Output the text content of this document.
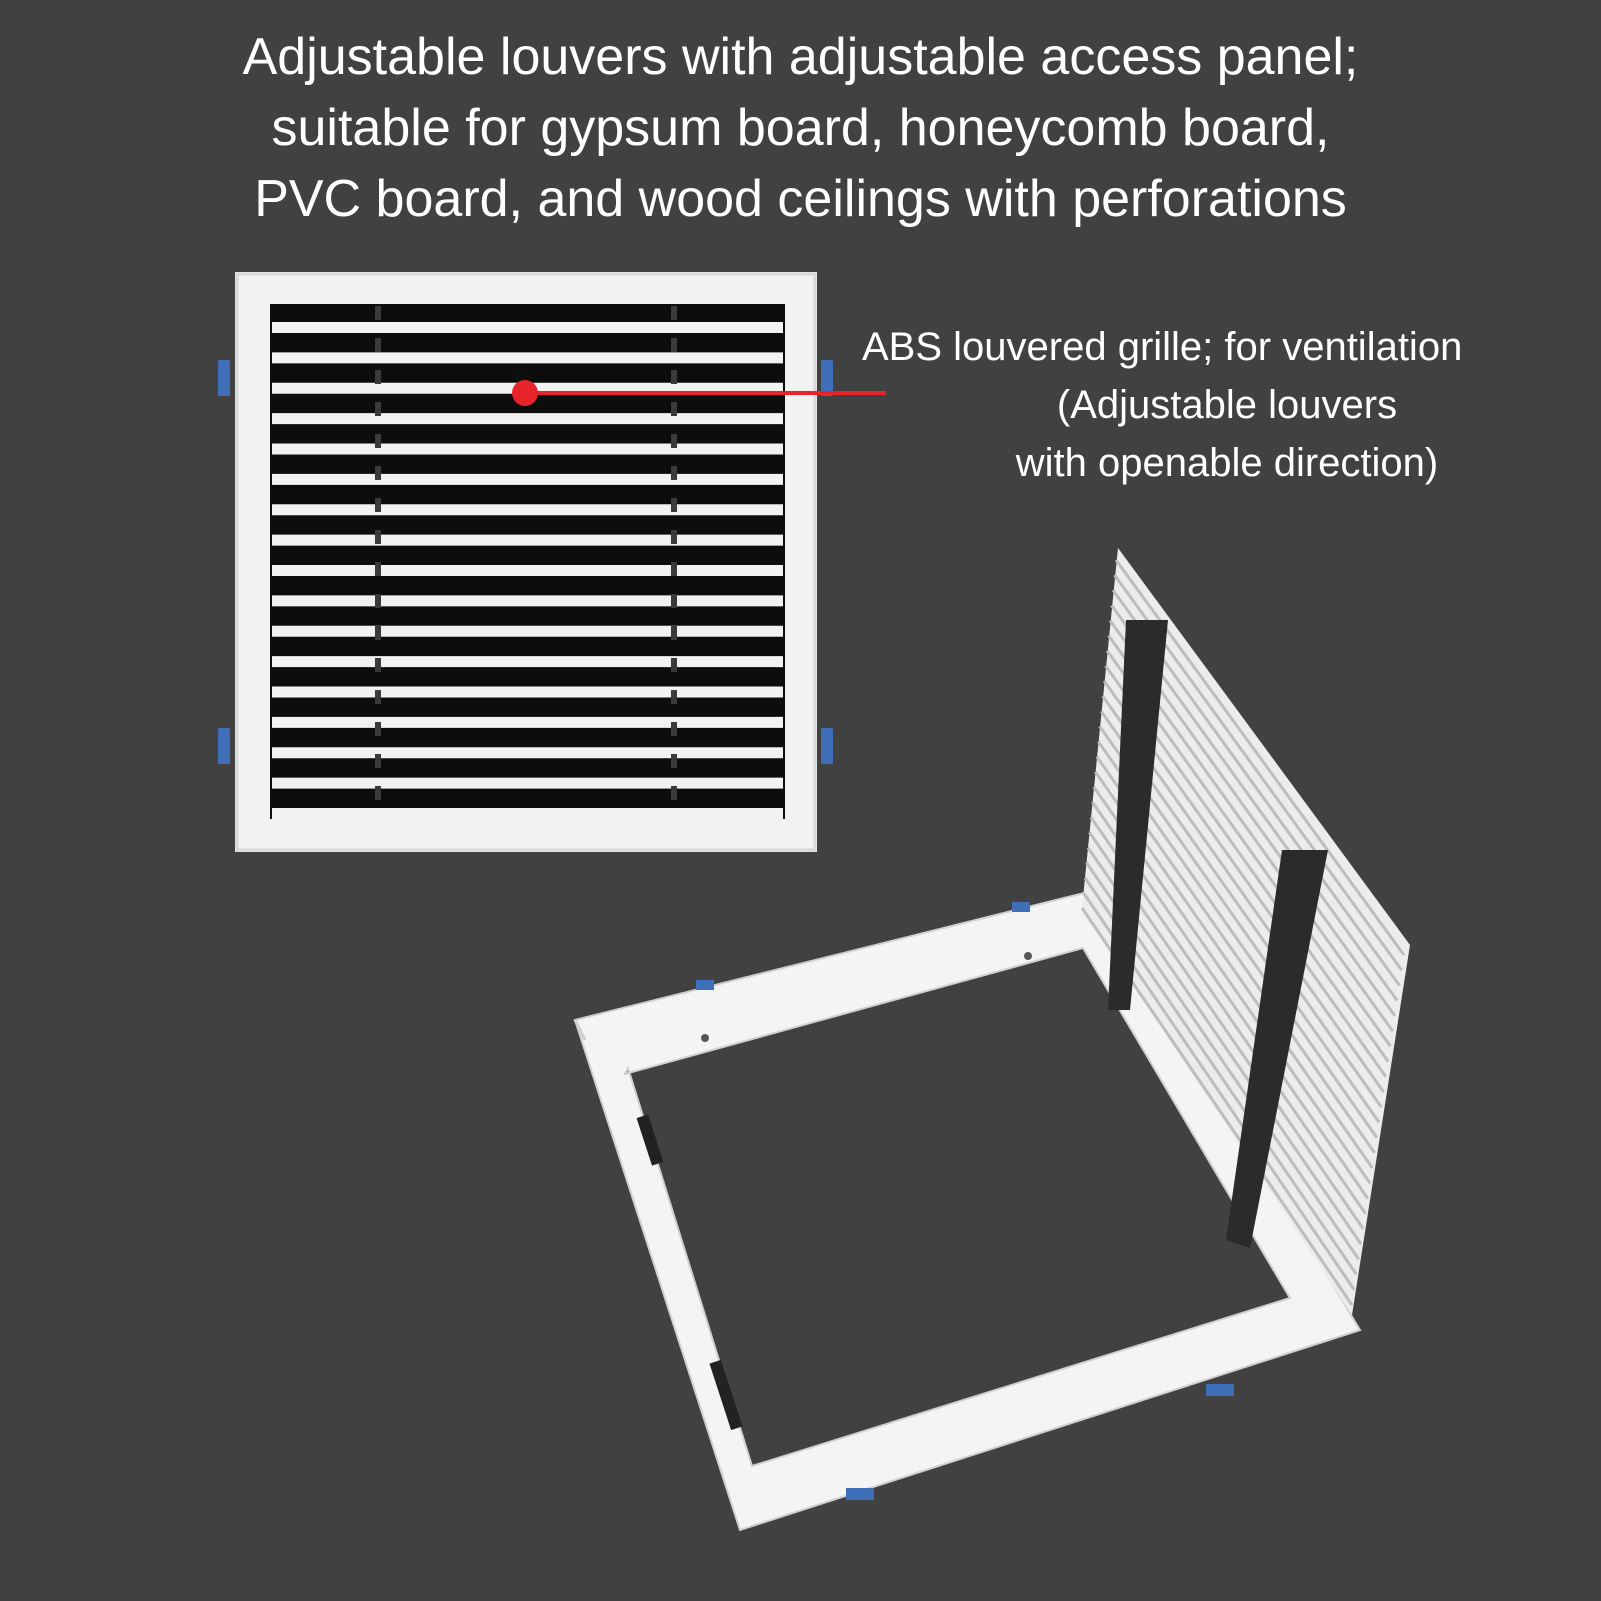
Adjustable louvers with adjustable access panel;
suitable for gypsum board, honeycomb board,
PVC board, and wood ceilings with perforations
ABS louvered grille; for ventilation
(Adjustable louvers
with openable direction)
